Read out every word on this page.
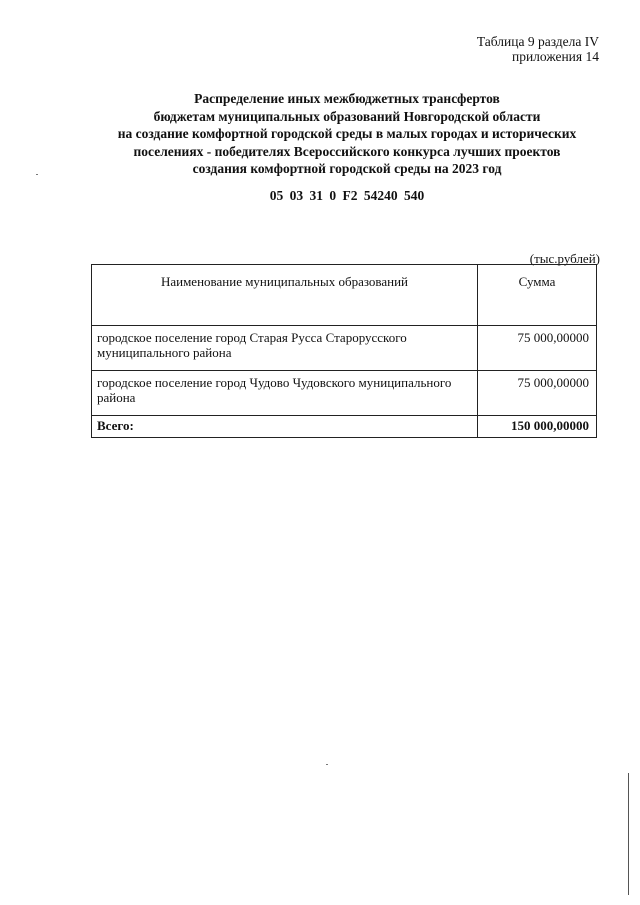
Таблица 9 раздела IV
приложения 14
Распределение иных межбюджетных трансфертов
бюджетам муниципальных образований Новгородской области
на создание комфортной городской среды в малых городах и исторических
поселениях - победителях Всероссийского конкурса лучших проектов
создания комфортной городской среды на 2023 год
05 03 31 0 F2 54240 540
(тыс.рублей)
Наименование муниципальных образований	Сумма
городское поселение город Старая Русса Старорусского муниципального района	75 000,00000
городское поселение город Чудово Чудовского муниципального района	75 000,00000
Всего:	150 000,00000
